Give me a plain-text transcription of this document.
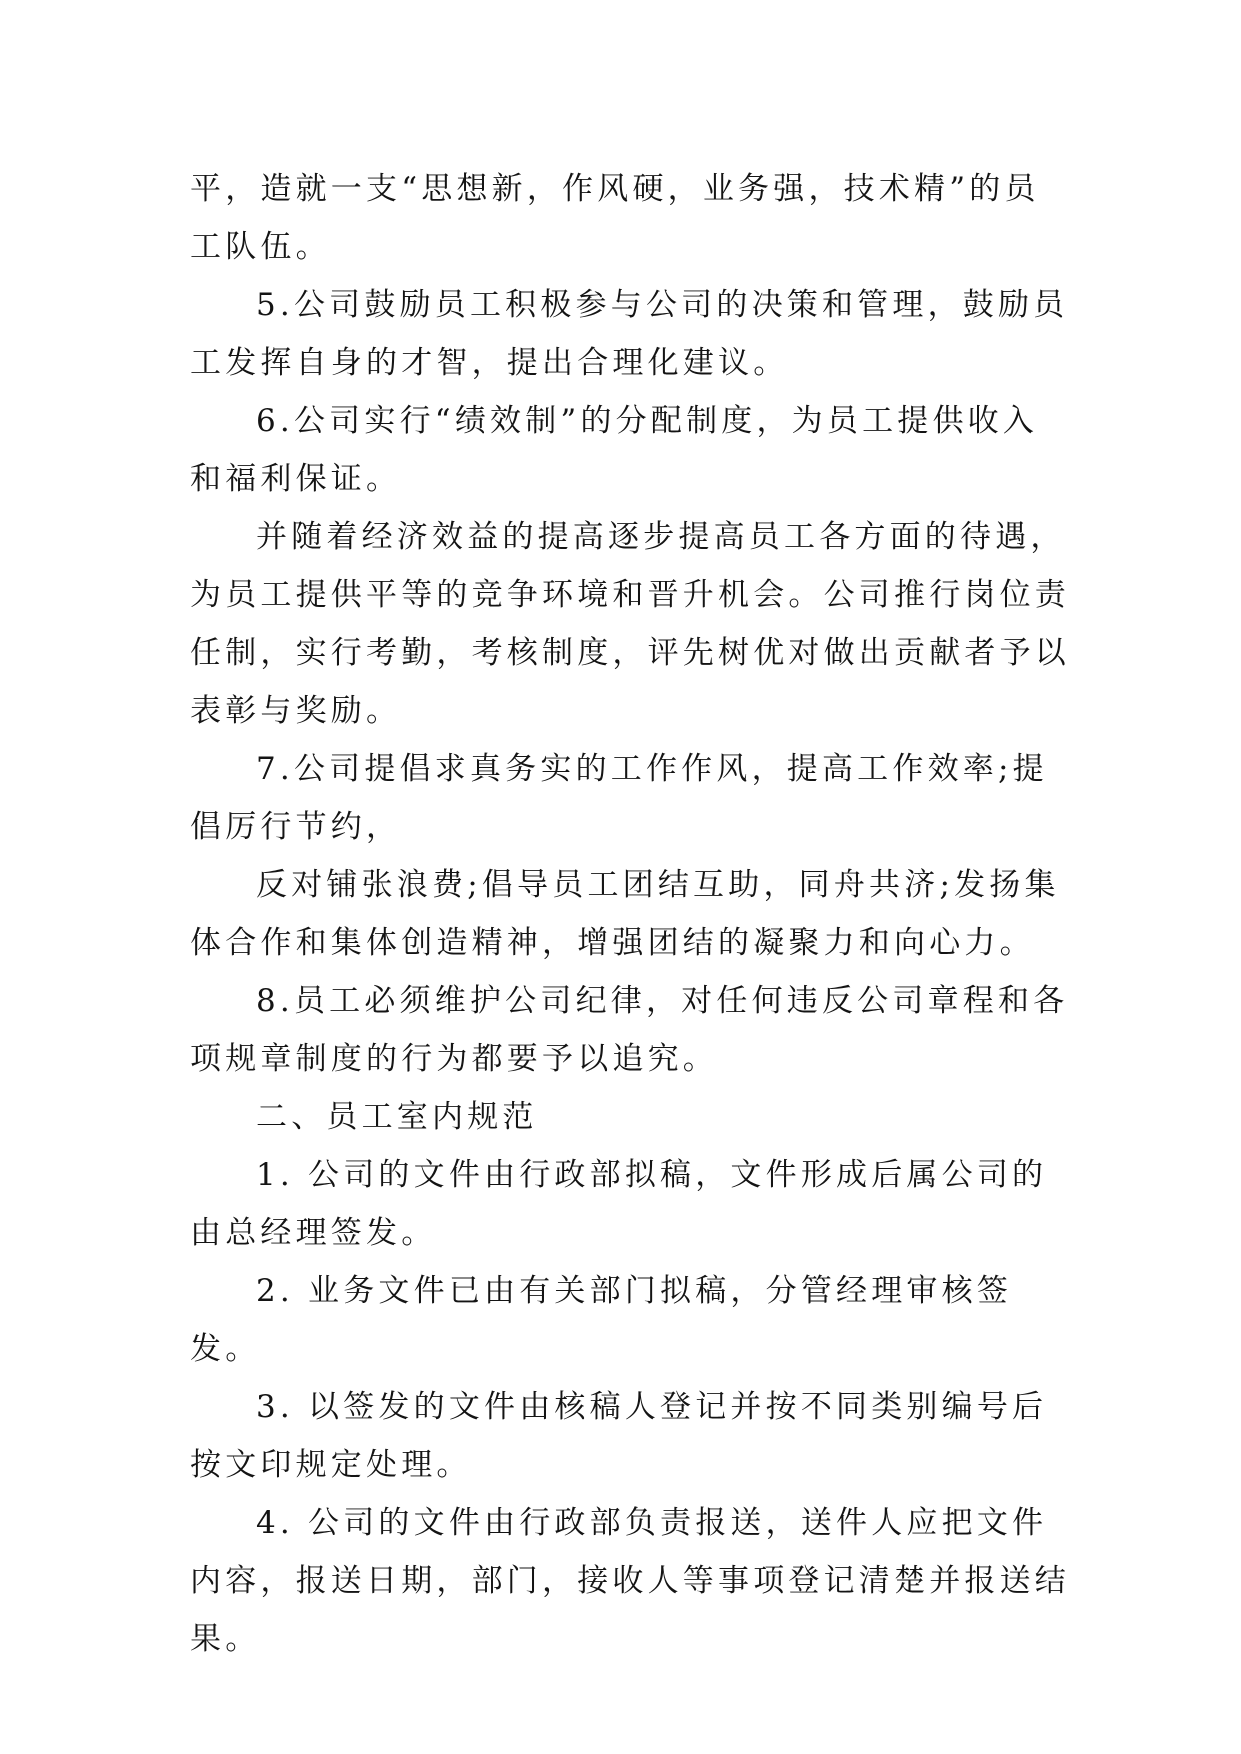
平，造就一支“思想新，作风硬，业务强，技术精”的员工队伍。

5.公司鼓励员工积极参与公司的决策和管理，鼓励员工发挥自身的才智，提出合理化建议。

6.公司实行“绩效制”的分配制度，为员工提供收入和福利保证。

并随着经济效益的提高逐步提高员工各方面的待遇，为员工提供平等的竞争环境和晋升机会。公司推行岗位责任制，实行考勤，考核制度，评先树优对做出贡献者予以表彰与奖励。

7.公司提倡求真务实的工作作风，提高工作效率;提倡厉行节约，

反对铺张浪费;倡导员工团结互助，同舟共济;发扬集体合作和集体创造精神，增强团结的凝聚力和向心力。

8.员工必须维护公司纪律，对任何违反公司章程和各项规章制度的行为都要予以追究。

二、员工室内规范

1. 公司的文件由行政部拟稿，文件形成后属公司的由总经理签发。

2. 业务文件已由有关部门拟稿，分管经理审核签发。

3. 以签发的文件由核稿人登记并按不同类别编号后按文印规定处理。

4. 公司的文件由行政部负责报送，送件人应把文件内容，报送日期，部门，接收人等事项登记清楚并报送结果。
